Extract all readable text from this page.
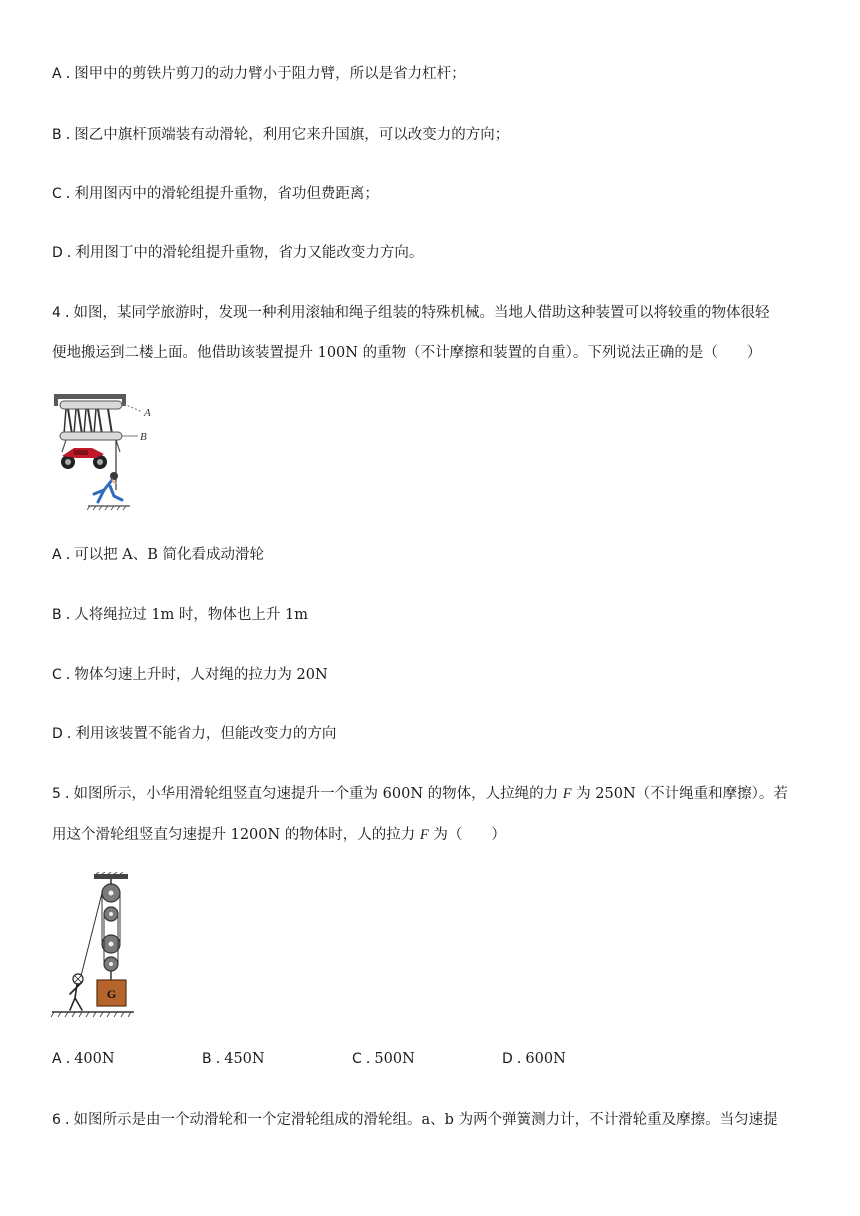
A . 图甲中的剪铁片剪刀的动力臂小于阻力臂，所以是省力杠杆；
B . 图乙中旗杆顶端装有动滑轮，利用它来升国旗，可以改变力的方向；
C . 利用图丙中的滑轮组提升重物，省功但费距离；
D . 利用图丁中的滑轮组提升重物，省力又能改变力方向。
4 . 如图，某同学旅游时，发现一种利用滚轴和绳子组装的特殊机械。当地人借助这种装置可以将较重的物体很轻
便地搬运到二楼上面。他借助该装置提升 100N 的重物（不计摩擦和装置的自重）。下列说法正确的是（　　）
A
B
A . 可以把 A、B 简化看成动滑轮
B . 人将绳拉过 1m 时，物体也上升 1m
C . 物体匀速上升时，人对绳的拉力为 20N
D . 利用该装置不能省力，但能改变力的方向
5 . 如图所示，小华用滑轮组竖直匀速提升一个重为 600N 的物体，人拉绳的力 F 为 250N（不计绳重和摩擦）。若
用这个滑轮组竖直匀速提升 1200N 的物体时，人的拉力 F 为（　　）
G
A . 400N	B . 450N	C . 500N	D . 600N
6 . 如图所示是由一个动滑轮和一个定滑轮组成的滑轮组。a、b 为两个弹簧测力计，不计滑轮重及摩擦。当匀速提
